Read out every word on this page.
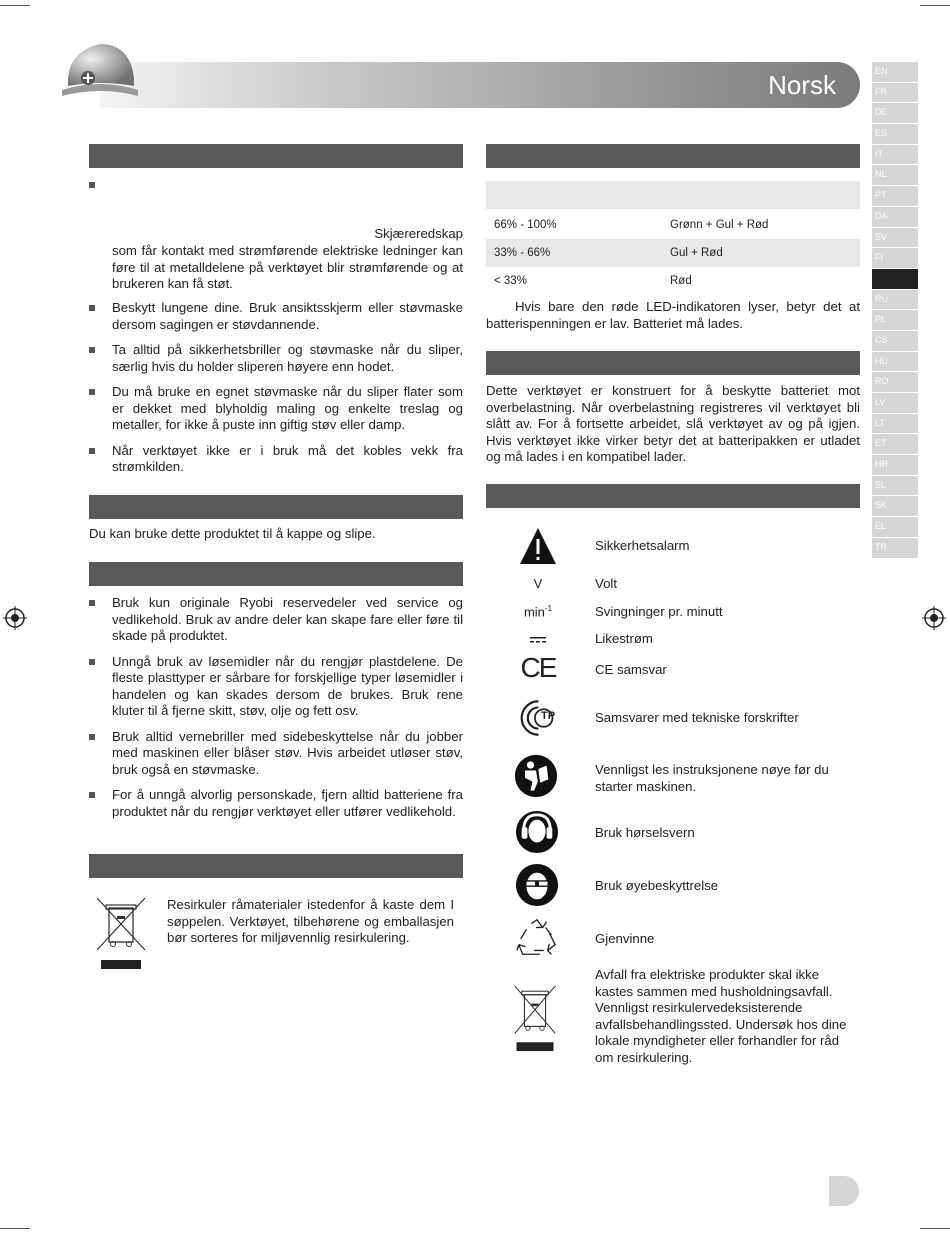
Norsk	EN
FR
DE
ES
IT
NL
PT
DA
SV
FI
RU
PL
CS
HU
RO
LV
LT
ET
HR
SL
SK
EL
TR
Skjæreredskap
som får kontakt med strømførende elektriske ledninger kan føre til at metalldelene på verktøyet blir strømførende og at brukeren kan få støt.
Beskytt lungene dine. Bruk ansiktsskjerm eller støvmaske dersom sagingen er støvdannende.
Ta alltid på sikkerhetsbriller og støvmaske når du sliper, særlig hvis du holder sliperen høyere enn hodet.
Du må bruke en egnet støvmaske når du sliper flater som er dekket med blyholdig maling og enkelte treslag og metaller, for ikke å puste inn giftig støv eller damp.
Når verktøyet ikke er i bruk må det kobles vekk fra strømkilden.
Du kan bruke dette produktet til å kappe og slipe.
Bruk kun originale Ryobi reservedeler ved service og vedlikehold. Bruk av andre deler kan skape fare eller føre til skade på produktet.
Unngå bruk av løsemidler når du rengjør plastdelene. De fleste plasttyper er sårbare for forskjellige typer løsemidler i handelen og kan skades dersom de brukes. Bruk rene kluter til å fjerne skitt, støv, olje og fett osv.
Bruk alltid vernebriller med sidebeskyttelse når du jobber med maskinen eller blåser støv. Hvis arbeidet utløser støv, bruk også en støvmaske.
For å unngå alvorlig personskade, fjern alltid batteriene fra produktet når du rengjør verktøyet eller utfører vedlikehold.
Resirkuler råmaterialer istedenfor å kaste dem I søppelen. Verktøyet, tilbehørene og emballasjen bør sorteres for miljøvennlig resirkulering.
66% - 100%	Grønn + Gul + Rød
33% - 66%	Gul + Rød
< 33%	Rød
Hvis bare den røde LED-indikatoren lyser, betyr det at batterispenningen er lav. Batteriet må lades.
Dette verktøyet er konstruert for å beskytte batteriet mot overbelastning. Når overbelastning registreres vil verktøyet bli slått av. For å fortsette arbeidet, slå verktøyet av og på igjen. Hvis verktøyet ikke virker betyr det at batteripakken er utladet og må lades i en kompatibel lader.
Sikkerhetsalarm
V	Volt
$\min^{-1}$	Svingninger pr. minutt
Likestrøm
CE	CE samsvar
TP	Samsvarer med tekniske forskrifter
Vennligst les instruksjonene nøye før du starter maskinen.
Bruk hørselsvern
Bruk øyebeskyttrelse
Gjenvinne
Avfall fra elektriske produkter skal ikke kastes sammen med husholdningsavfall. Vennligst resirkulervedeksisterende avfallsbehandlingssted. Undersøk hos dine lokale myndigheter eller forhandler for råd om resirkulering.
